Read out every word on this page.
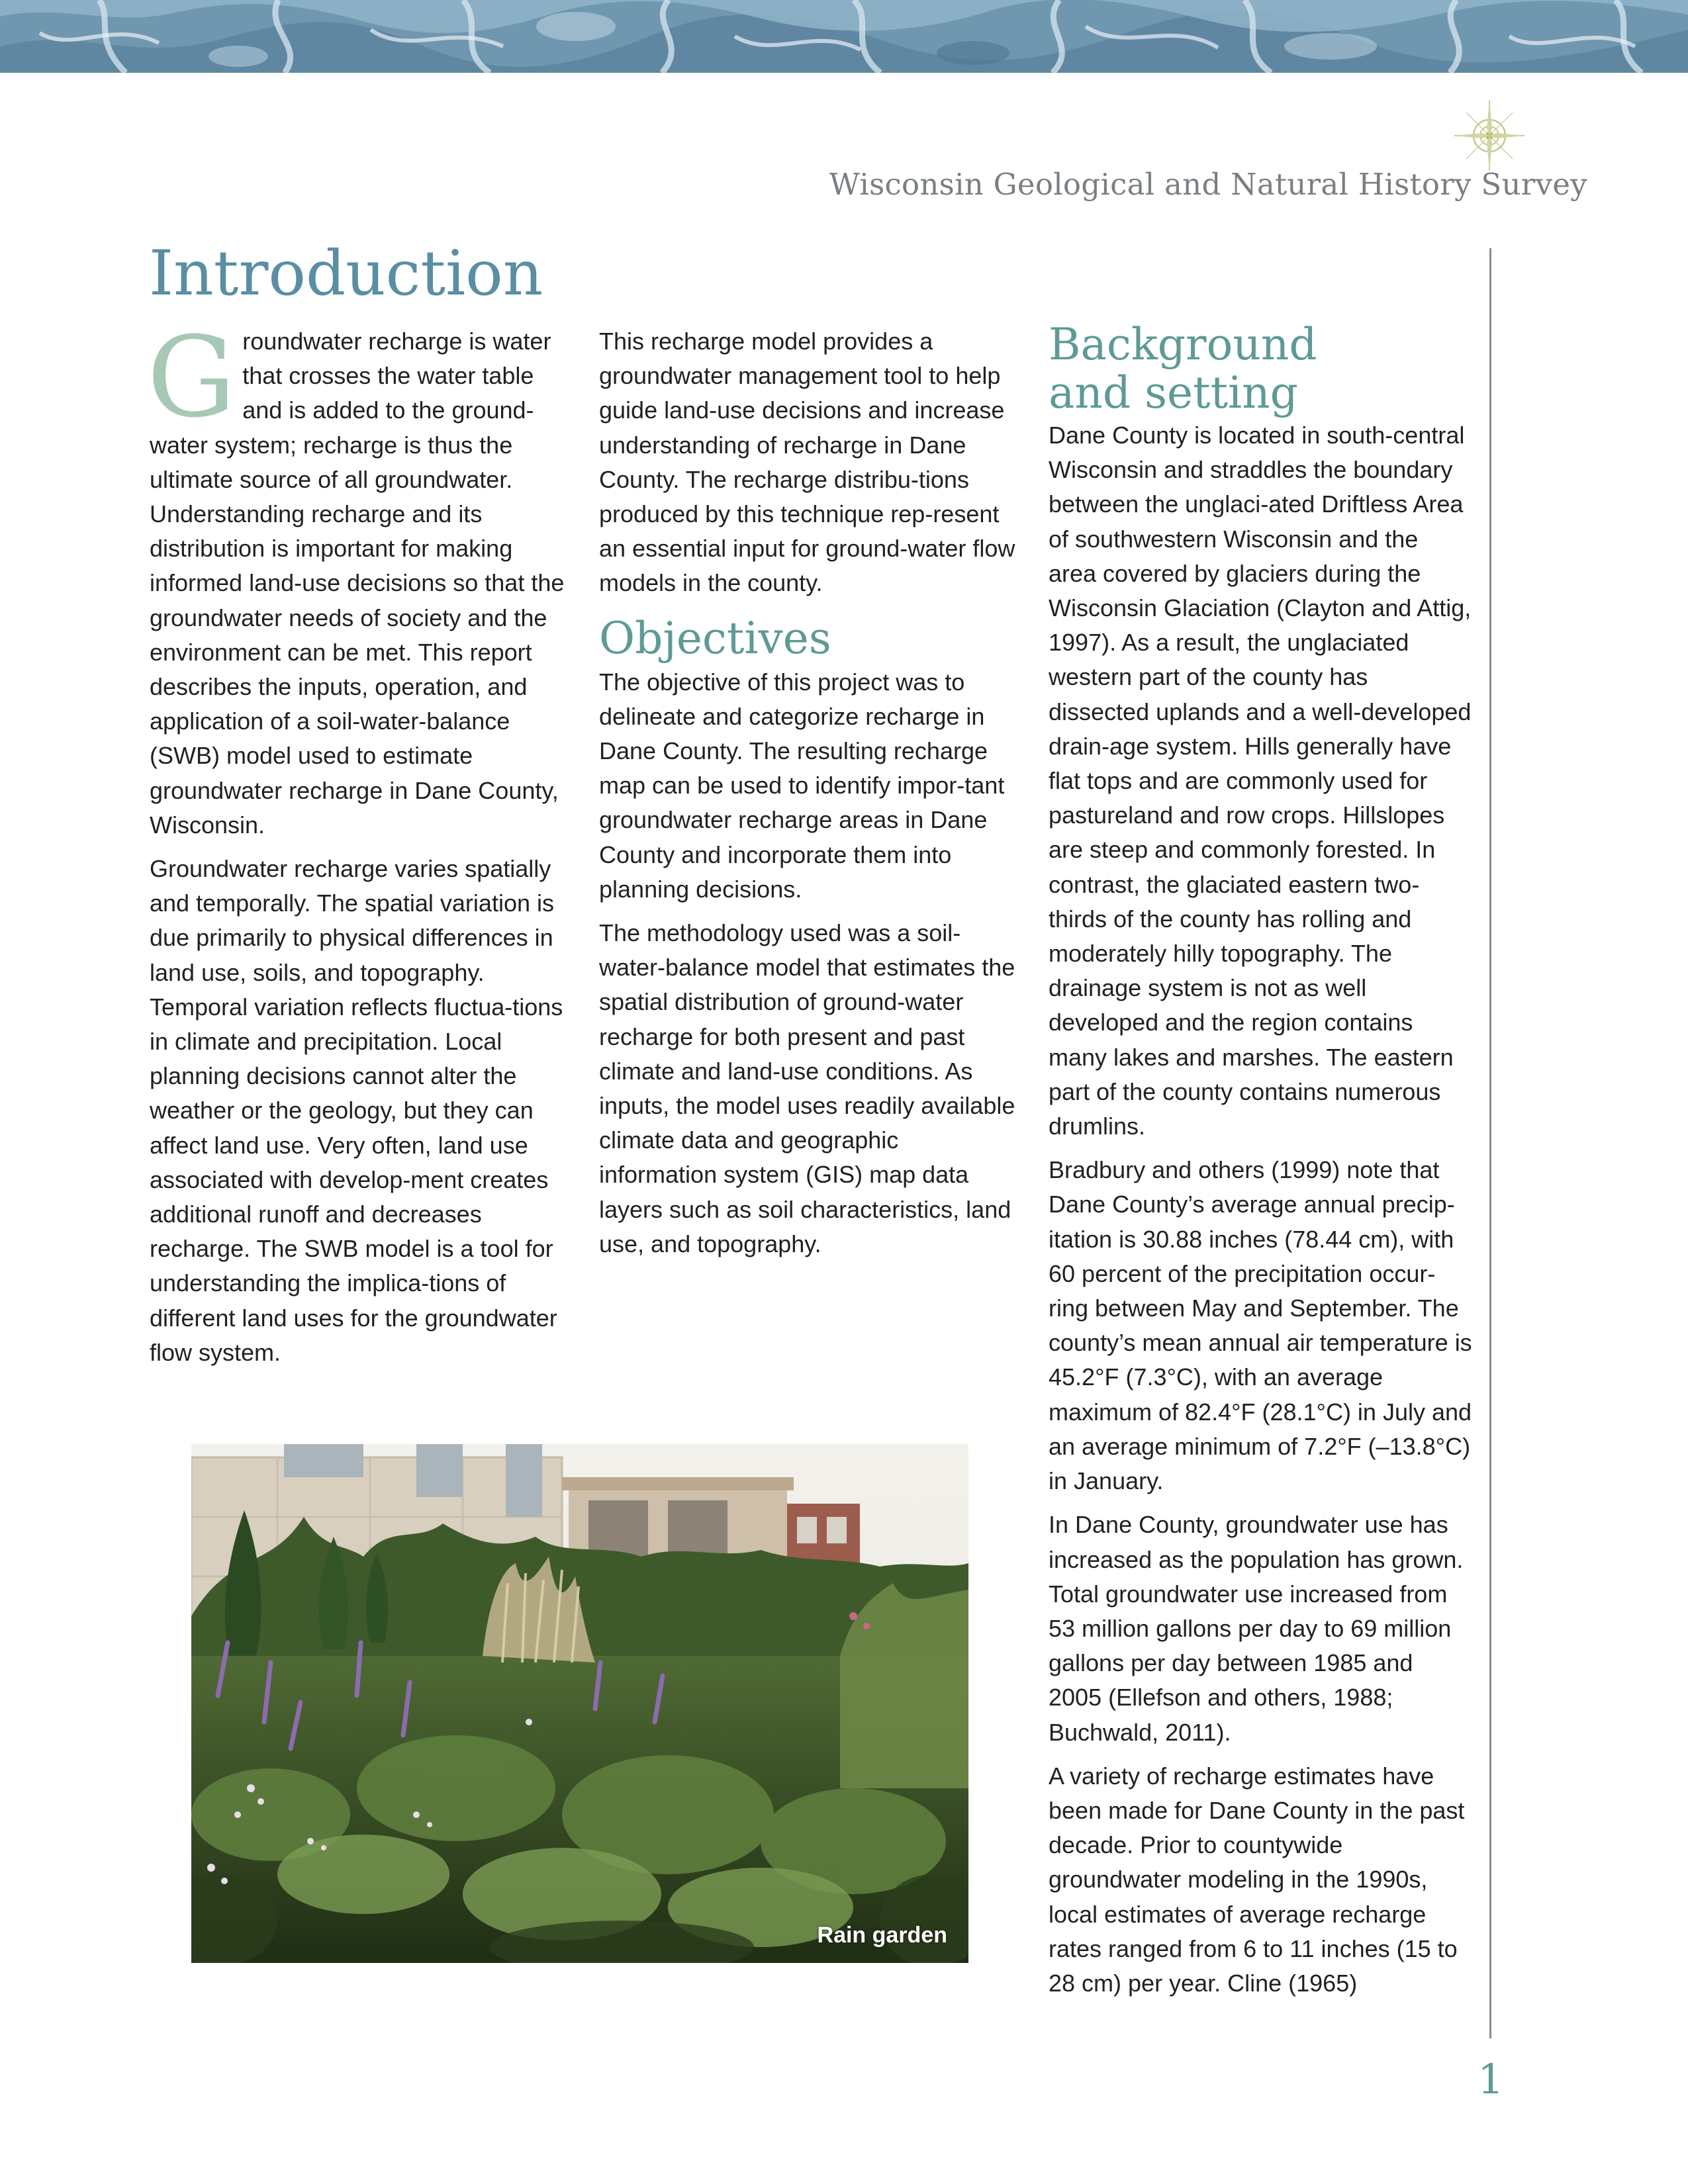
Wisconsin Geological and Natural History Survey
Introduction

Groundwater recharge is water that crosses the water table and is added to the ground-water system; recharge is thus the ultimate source of all groundwater. Understanding recharge and its distribution is important for making informed land-use decisions so that the groundwater needs of society and the environment can be met. This report describes the inputs, operation, and application of a soil-water-balance (SWB) model used to estimate groundwater recharge in Dane County, Wisconsin.

Groundwater recharge varies spatially and temporally. The spatial variation is due primarily to physical differences in land use, soils, and topography. Temporal variation reflects fluctua-tions in climate and precipitation. Local planning decisions cannot alter the weather or the geology, but they can affect land use. Very often, land use associated with develop-ment creates additional runoff and decreases recharge. The SWB model is a tool for understanding the implica-tions of different land uses for the groundwater flow system.

This recharge model provides a groundwater management tool to help guide land-use decisions and increase understanding of recharge in Dane County. The recharge distribu-tions produced by this technique rep-resent an essential input for ground-water flow models in the county.

Objectives

The objective of this project was to delineate and categorize recharge in Dane County. The resulting recharge map can be used to identify impor-tant groundwater recharge areas in Dane County and incorporate them into planning decisions.

The methodology used was a soil-water-balance model that estimates the spatial distribution of ground-water recharge for both present and past climate and land-use conditions. As inputs, the model uses readily available climate data and geographic information system (GIS) map data layers such as soil characteristics, land use, and topography.

Background
and setting

Dane County is located in south-central Wisconsin and straddles the boundary between the unglaci-ated Driftless Area of southwestern Wisconsin and the area covered by glaciers during the Wisconsin Glaciation (Clayton and Attig, 1997). As a result, the unglaciated western part of the county has dissected uplands and a well-developed drain-age system. Hills generally have flat tops and are commonly used for pastureland and row crops. Hillslopes are steep and commonly forested. In contrast, the glaciated eastern two-thirds of the county has rolling and moderately hilly topography. The drainage system is not as well developed and the region contains many lakes and marshes. The eastern part of the county contains numerous drumlins.

Bradbury and others (1999) note that Dane County’s average annual precip-itation is 30.88 inches (78.44 cm), with 60 percent of the precipitation occur-ring between May and September. The county’s mean annual air temperature is 45.2°F (7.3°C), with an average maximum of 82.4°F (28.1°C) in July and an average minimum of 7.2°F (–13.8°C) in January.

In Dane County, groundwater use has increased as the population has grown. Total groundwater use increased from 53 million gallons per day to 69 million gallons per day between 1985 and 2005 (Ellefson and others, 1988; Buchwald, 2011).

A variety of recharge estimates have been made for Dane County in the past decade. Prior to countywide groundwater modeling in the 1990s, local estimates of average recharge rates ranged from 6 to 11 inches (15 to 28 cm) per year. Cline (1965)

Rain garden
1
